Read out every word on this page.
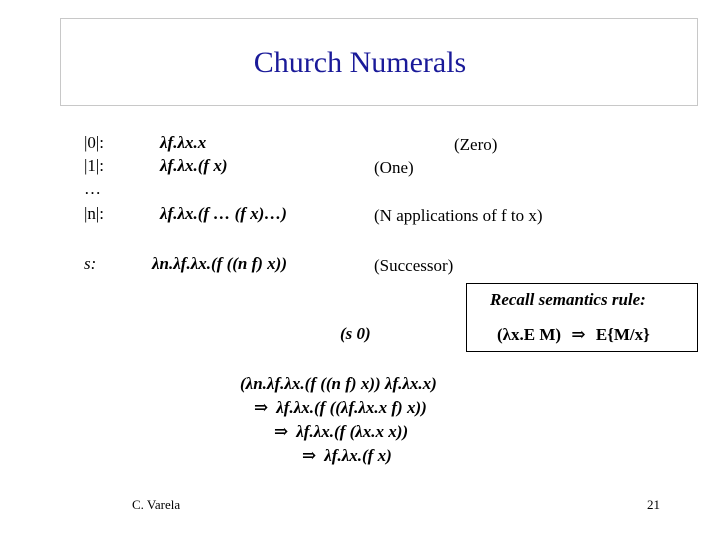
Church Numerals
|0|:	λf.λx.x	(Zero)
|1|:	λf.λx.(f x)	(One)
…
|n|:	λf.λx.(f … (f x)…)	(N applications of f to x)
s:	λn.λf.λx.(f ((n f) x))	(Successor)
Recall semantics rule:
(λx.E M) ⇒ E{M/x}
(s 0)
(λn.λf.λx.(f ((n f) x)) λf.λx.x)
⇒ λf.λx.(f ((λf.λx.x f) x))
⇒ λf.λx.(f (λx.x x))
⇒ λf.λx.(f x)
C. Varela	21
